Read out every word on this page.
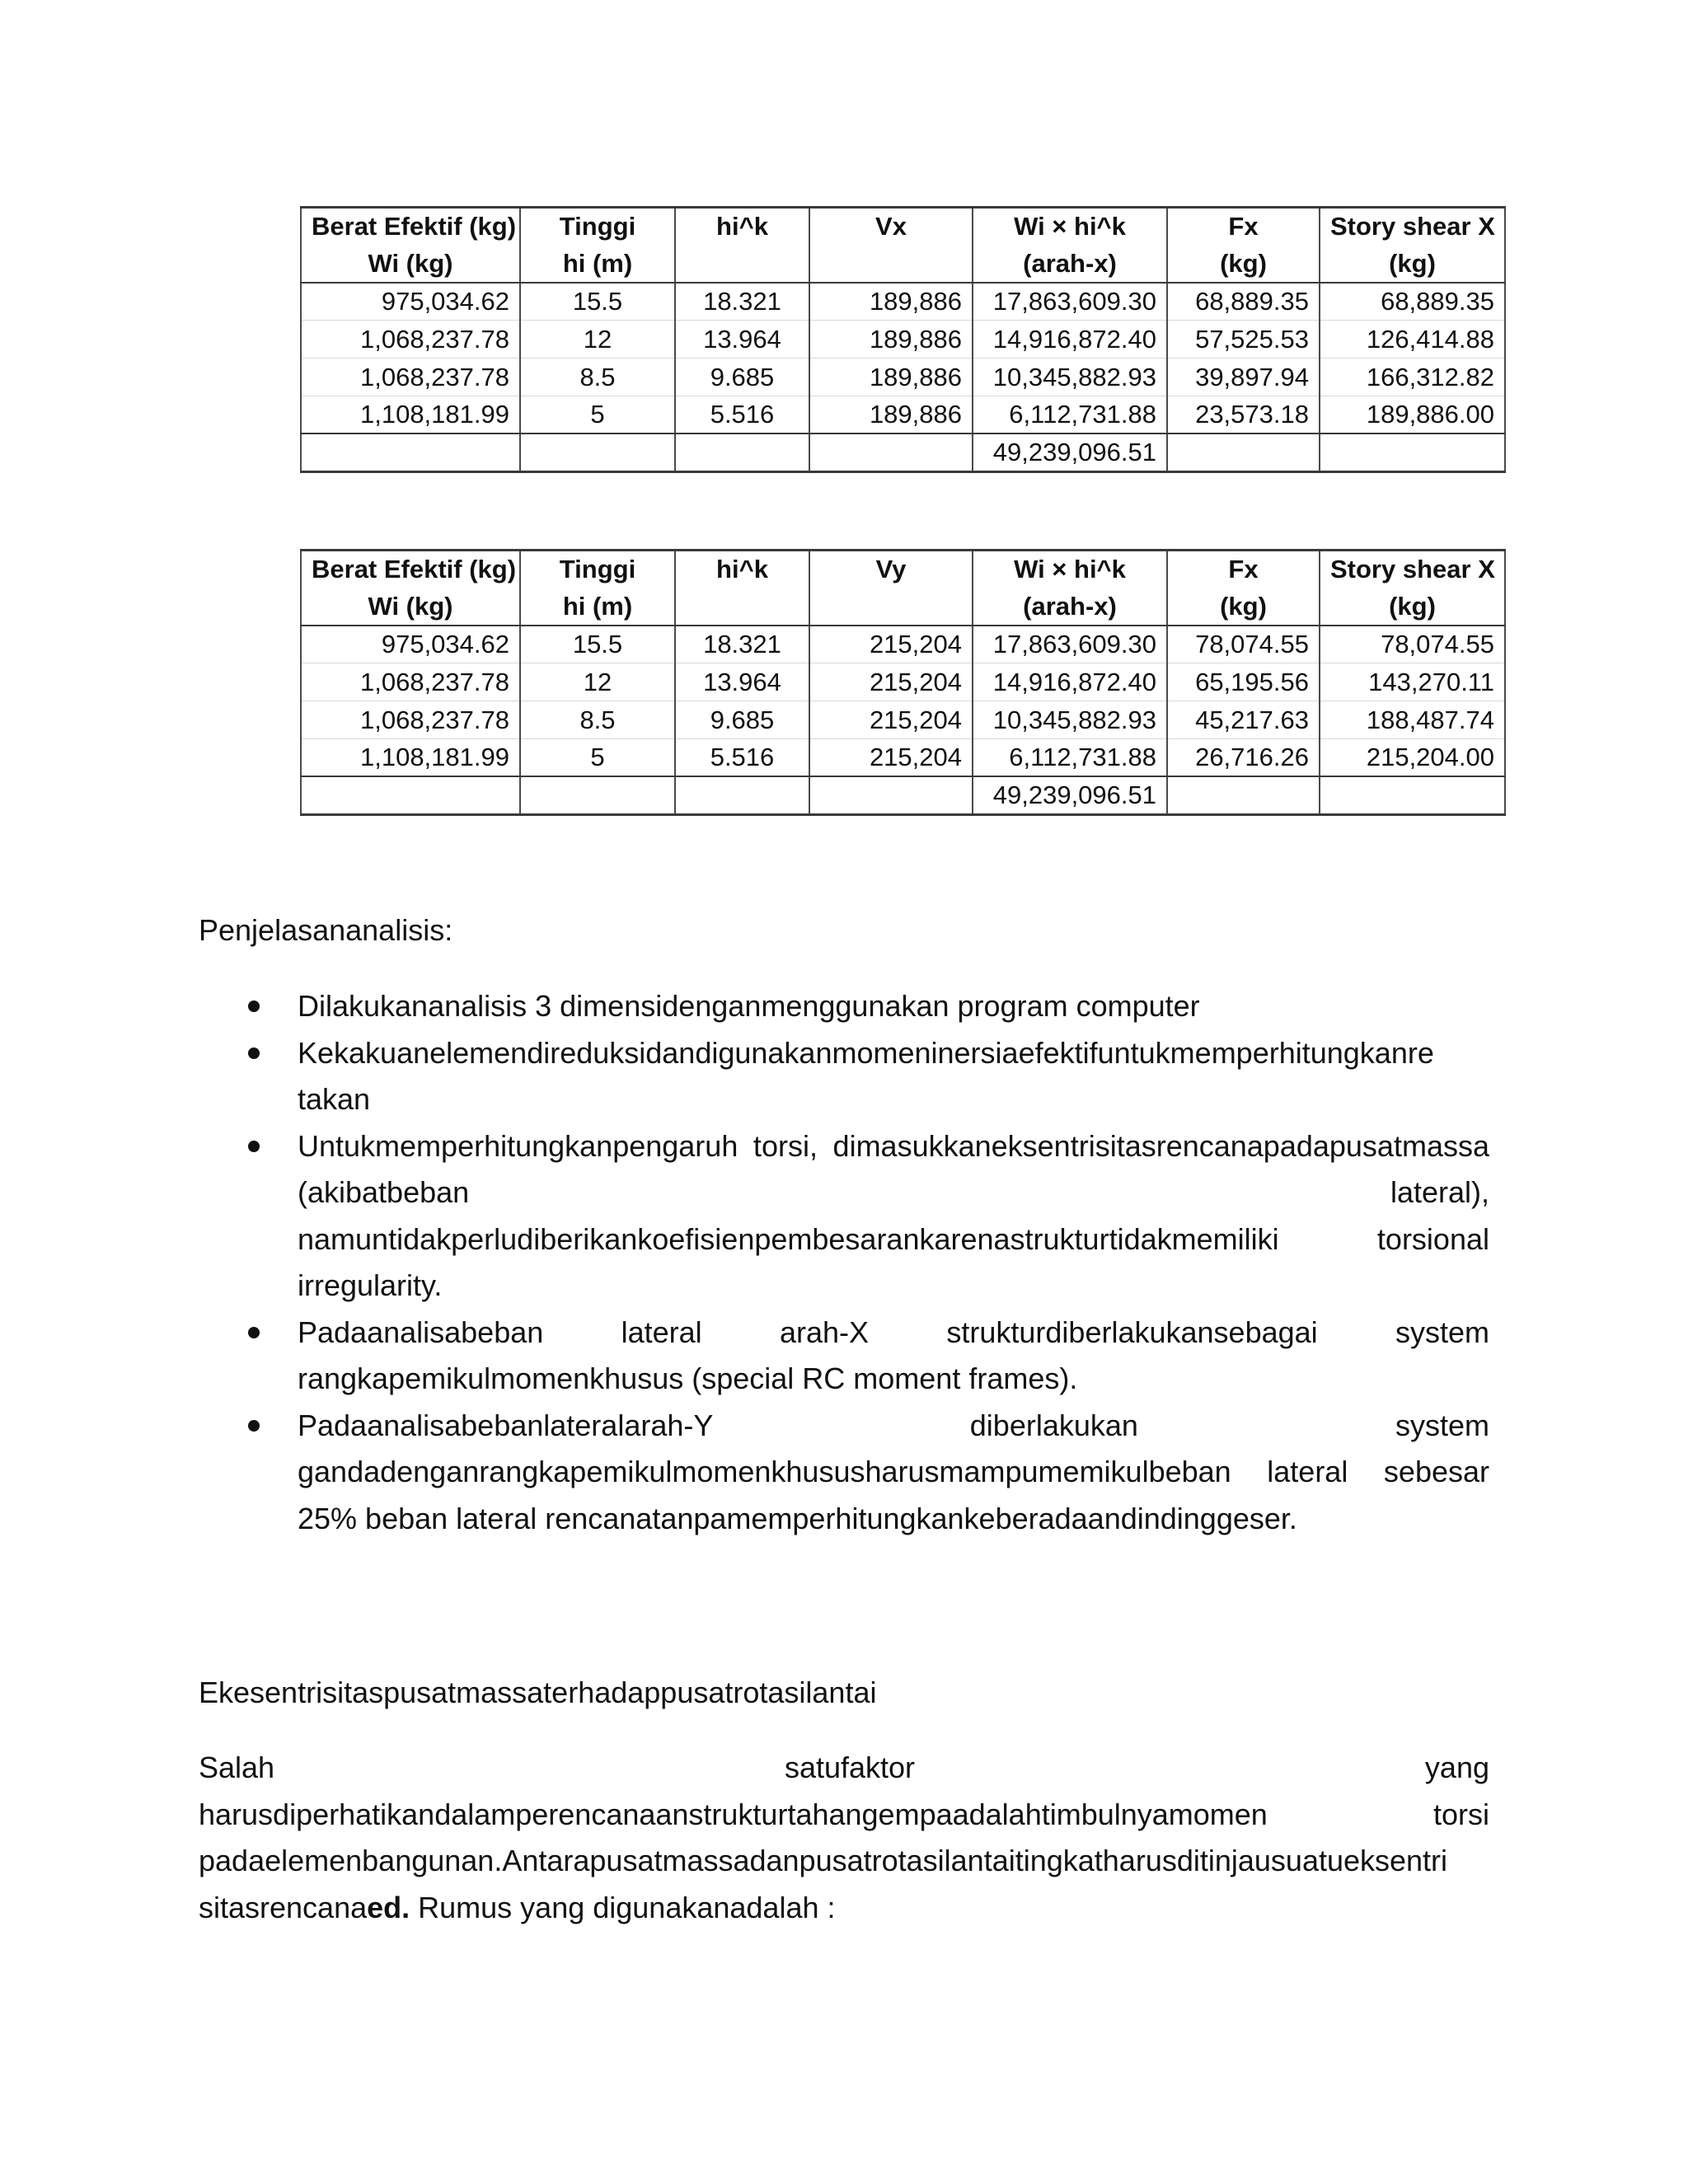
Berat Efektif (kg)	Tinggi	hi^k	Vx	Wi × hi^k	Fx	Story shear X
Wi (kg)	hi (m)			(arah-x)	(kg)	(kg)
975,034.62	15.5	18.321	189,886	17,863,609.30	68,889.35	68,889.35
1,068,237.78	12	13.964	189,886	14,916,872.40	57,525.53	126,414.88
1,068,237.78	8.5	9.685	189,886	10,345,882.93	39,897.94	166,312.82
1,108,181.99	5	5.516	189,886	6,112,731.88	23,573.18	189,886.00
				49,239,096.51		
Berat Efektif (kg)	Tinggi	hi^k	Vy	Wi × hi^k	Fx	Story shear X
Wi (kg)	hi (m)			(arah-x)	(kg)	(kg)
975,034.62	15.5	18.321	215,204	17,863,609.30	78,074.55	78,074.55
1,068,237.78	12	13.964	215,204	14,916,872.40	65,195.56	143,270.11
1,068,237.78	8.5	9.685	215,204	10,345,882.93	45,217.63	188,487.74
1,108,181.99	5	5.516	215,204	6,112,731.88	26,716.26	215,204.00
				49,239,096.51		
Penjelasananalisis:
Dilakukananalisis 3 dimensidenganmenggunakan program computer
Kekakuanelemendireduksidandigunakanmomeninersiaefektifuntukmemperhitungkanre takan
Untukmemperhitungkanpengaruh torsi, dimasukkaneksentrisitasrencanapadapusatmassa (akibatbeban lateral), namuntidakperludiberikankoefisienpembesarankarenastrukturtidakmemiliki torsional irregularity.
Padaanalisabeban lateral arah-X strukturdiberlakukansebagai system rangkapemikulmomenkhusus (special RC moment frames).
Padaanalisabebanlateralarah-Y diberlakukan system gandadenganrangkapemikulmomenkhususharusmampumemikulbeban lateral sebesar 25% beban lateral rencanatanpamemperhitungkankeberadaandindinggeser.
Ekesentrisitaspusatmassaterhadappusatrotasilantai
Salah satufaktor yang harusdiperhatikandalamperencanaanstrukturtahangempaadalahtimbulnyamomen torsi padaelemenbangunan.Antarapusatmassadanpusatrotasilantaitingkatharusditinjausuatueksentri sitasrencanaed. Rumus yang digunakanadalah :
